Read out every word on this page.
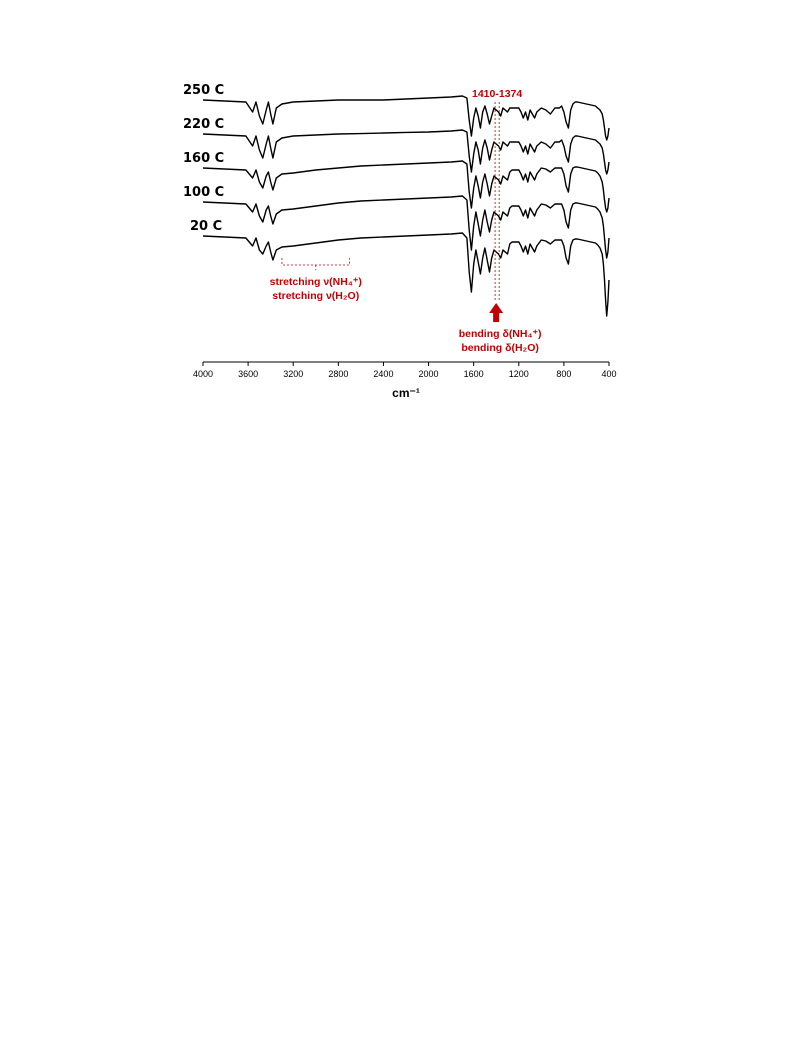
250 C
220 C
160 C
100 C
20 C
4000	3600	3200	2800	2400	2000	1600	1200	800	400
cm⁻¹
1410-1374
stretching ν(NH₄⁺)
stretching ν(H₂O)
bending δ(NH₄⁺)
bending δ(H₂O)
